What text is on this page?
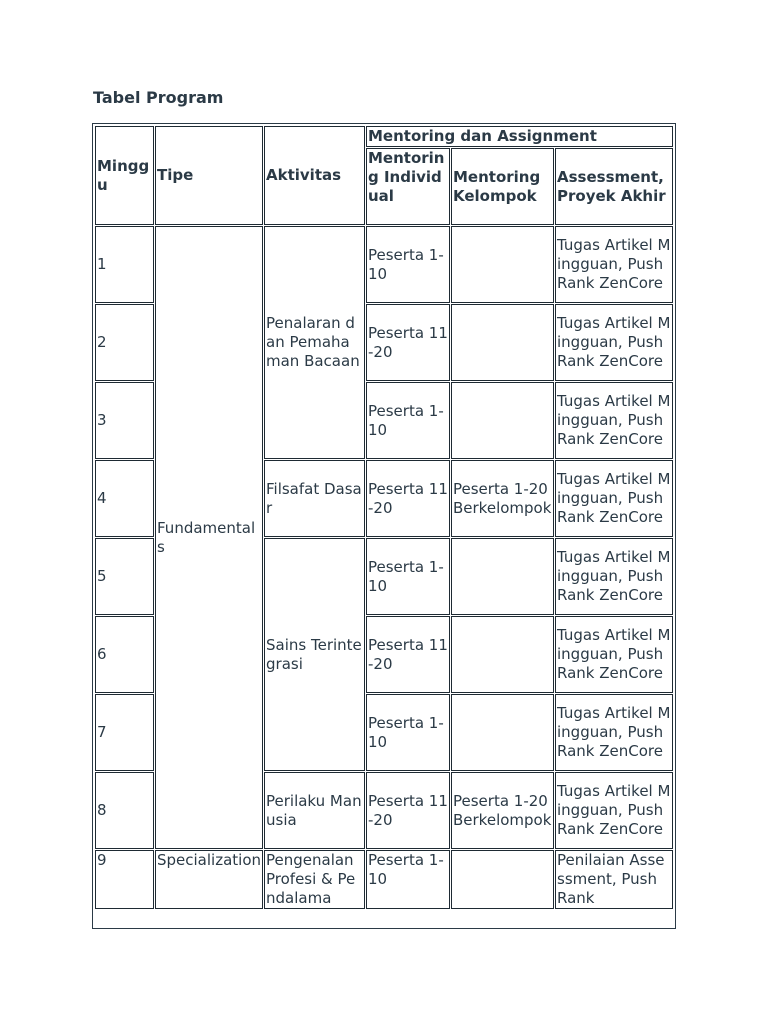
Tabel Program
Minggu	Tipe	Aktivitas	Mentoring dan Assignment		
			Mentoring Individual	Mentoring Kelompok	Assessment, Proyek Akhir
1	Fundamentals	Penalaran dan Pemahaman Bacaan	Peserta 1-10		Tugas Artikel Mingguan, Push Rank ZenCore
2			Peserta 11-20		Tugas Artikel Mingguan, Push Rank ZenCore
3			Peserta 1-10		Tugas Artikel Mingguan, Push Rank ZenCore
4		Filsafat Dasar	Peserta 11-20	Peserta 1-20 Berkelompok	Tugas Artikel Mingguan, Push Rank ZenCore
5		Sains Terintegrasi	Peserta 1-10		Tugas Artikel Mingguan, Push Rank ZenCore
6			Peserta 11-20		Tugas Artikel Mingguan, Push Rank ZenCore
7			Peserta 1-10		Tugas Artikel Mingguan, Push Rank ZenCore
8		Perilaku Manusia	Peserta 11-20	Peserta 1-20 Berkelompok	Tugas Artikel Mingguan, Push Rank ZenCore
9	Specialization	Pengenalan Profesi & Pendalama	Peserta 1-10		Penilaian Assessment, Push Rank
